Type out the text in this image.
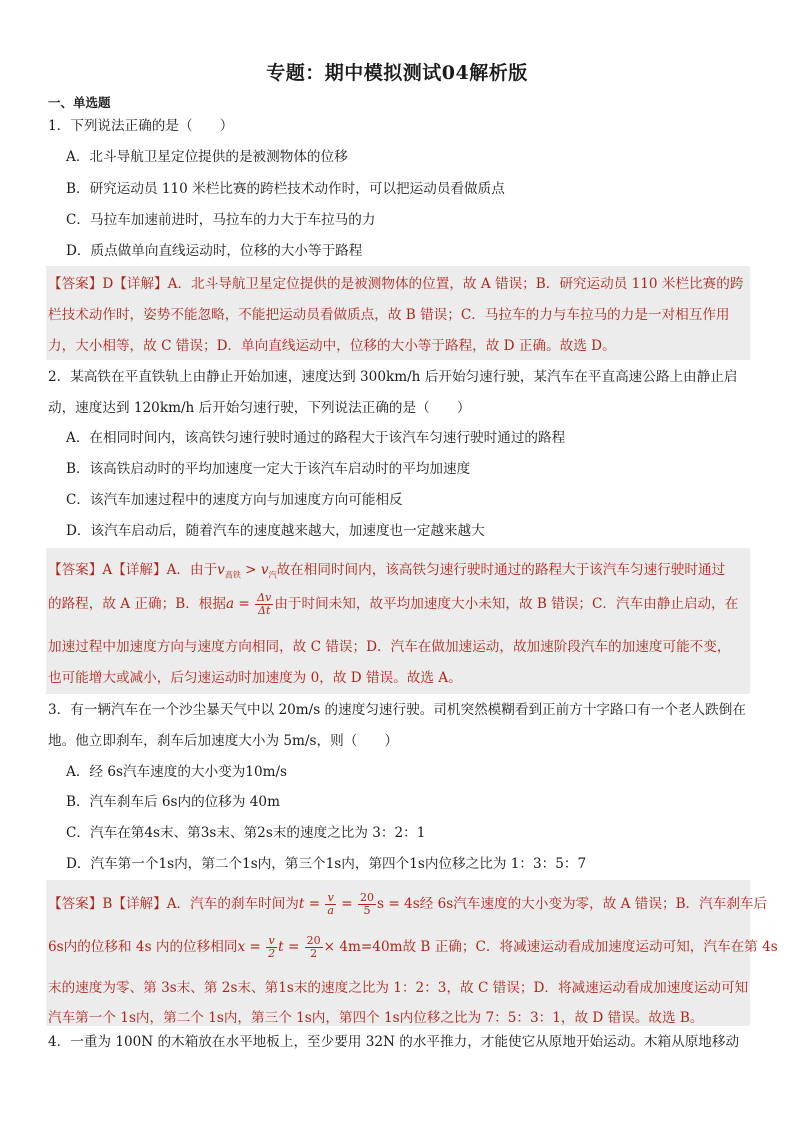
专题：期中模拟测试04解析版
一、单选题
1．下列说法正确的是（　　）
A．北斗导航卫星定位提供的是被测物体的位移
B．研究运动员 110 米栏比赛的跨栏技术动作时，可以把运动员看做质点
C．马拉车加速前进时，马拉车的力大于车拉马的力
D．质点做单向直线运动时，位移的大小等于路程
【答案】D【详解】A．北斗导航卫星定位提供的是被测物体的位置，故 A 错误；B．研究运动员 110 米栏比赛的跨
栏技术动作时，姿势不能忽略，不能把运动员看做质点，故 B 错误；C．马拉车的力与车拉马的力是一对相互作用
力，大小相等，故 C 错误；D．单向直线运动中，位移的大小等于路程，故 D 正确。故选 D。
2．某高铁在平直铁轨上由静止开始加速，速度达到 300km/h 后开始匀速行驶，某汽车在平直高速公路上由静止启
动，速度达到 120km/h 后开始匀速行驶，下列说法正确的是（　　）
A．在相同时间内，该高铁匀速行驶时通过的路程大于该汽车匀速行驶时通过的路程
B．该高铁启动时的平均加速度一定大于该汽车启动时的平均加速度
C．该汽车加速过程中的速度方向与加速度方向可能相反
D．该汽车启动后，随着汽车的速度越来越大，加速度也一定越来越大
【答案】A【详解】A．由于$v_{高铁} > v_汽$故在相同时间内，该高铁匀速行驶时通过的路程大于该汽车匀速行驶时通过
的路程，故 A 正确；B．根据$a = \frac{\Delta v}{\Delta t}$ 由于时间未知，故平均加速度大小未知，故 B 错误；C．汽车由静止启动，在
加速过程中加速度方向与速度方向相同，故 C 错误；D．汽车在做加速运动，故加速阶段汽车的加速度可能不变，
也可能增大或减小，后匀速运动时加速度为 0，故 D 错误。故选 A。
3．有一辆汽车在一个沙尘暴天气中以 20m/s 的速度匀速行驶。司机突然模糊看到正前方十字路口有一个老人跌倒在
地。他立即刹车，刹车后加速度大小为 5m/s，则（　　）
A．经 6s汽车速度的大小变为10m/s
B．汽车刹车后 6s内的位移为 40m
C．汽车在第4s末、第3s末、第2s末的速度之比为 3：2：1
D．汽车第一个1s内，第二个1s内，第三个1s内，第四个1s内位移之比为 1：3：5：7
【答案】B【详解】A．汽车的刹车时间为$t = \frac{v}{a} = \frac{20}{5}$ s = 4s经 6s汽车速度的大小变为零，故 A 错误；B．汽车刹车后
6s内的位移和 4s 内的位移相同$x = \frac{v}{2}$ $t = \frac{20}{2} \times 4m=40m$故 B 正确；C．将减速运动看成加速度运动可知，汽车在第 4s
末的速度为零、第 3s末、第 2s末、第1s末的速度之比为 1：2：3，故 C 错误；D．将减速运动看成加速度运动可知
汽车第一个 1s内，第二个 1s内，第三个 1s内，第四个 1s内位移之比为 7：5：3：1，故 D 错误。故选 B。
4．一重为 100N 的木箱放在水平地板上，至少要用 32N 的水平推力，才能使它从原地开始运动。木箱从原地移动
